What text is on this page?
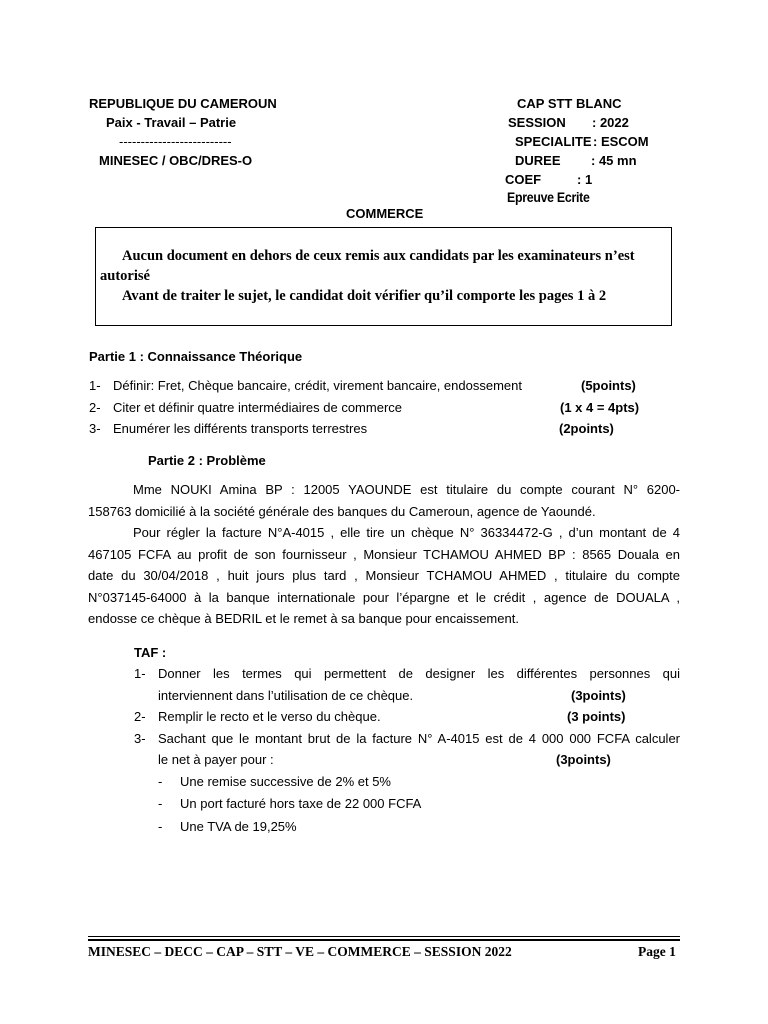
REPUBLIQUE DU CAMEROUN
Paix - Travail – Patrie
--------------------------
MINESEC / OBC/DRES-O
CAP STT BLANC
SESSION : 2022
SPECIALITE : ESCOM
DUREE : 45 mn
COEF	: 1
Epreuve Ecrite
COMMERCE
Aucun document en dehors de ceux remis aux candidats par les examinateurs n’est
autorisé
Avant de traiter le sujet, le candidat doit vérifier qu’il comporte les pages 1 à 2
Partie 1 : Connaissance Théorique
1- Définir: Fret, Chèque bancaire, crédit, virement bancaire, endossement	(5points)
2- Citer et définir quatre intermédiaires de commerce	(1 x 4 = 4pts)
3- Enumérer les différents transports terrestres	(2points)
Partie 2 : Problème
Mme NOUKI Amina BP : 12005 YAOUNDE est titulaire du compte courant N° 6200-
158763 domicilié à la société générale des banques du Cameroun, agence de Yaoundé.
Pour régler la facture N°A-4015 , elle tire un chèque N° 36334472-G , d’un montant de 4
467105 FCFA au profit de son fournisseur , Monsieur TCHAMOU AHMED BP : 8565 Douala en
date du 30/04/2018 , huit jours plus tard , Monsieur TCHAMOU AHMED , titulaire du compte
N°037145-64000 à la banque internationale pour l’épargne et le crédit , agence de DOUALA ,
endosse ce chèque à BEDRIL et le remet à sa banque pour encaissement.
TAF :
1- Donner les termes qui permettent de designer les différentes personnes qui
interviennent dans l’utilisation de ce chèque.	(3points)
2- Remplir le recto et le verso du chèque.	(3 points)
3- Sachant que le montant brut de la facture N° A-4015 est de 4 000 000 FCFA calculer
le net à payer pour :	(3points)
- Une remise successive de 2% et 5%
- Un port facturé hors taxe de 22 000 FCFA
- Une TVA de 19,25%
MINESEC – DECC – CAP – STT – VE – COMMERCE – SESSION 2022	Page 1
